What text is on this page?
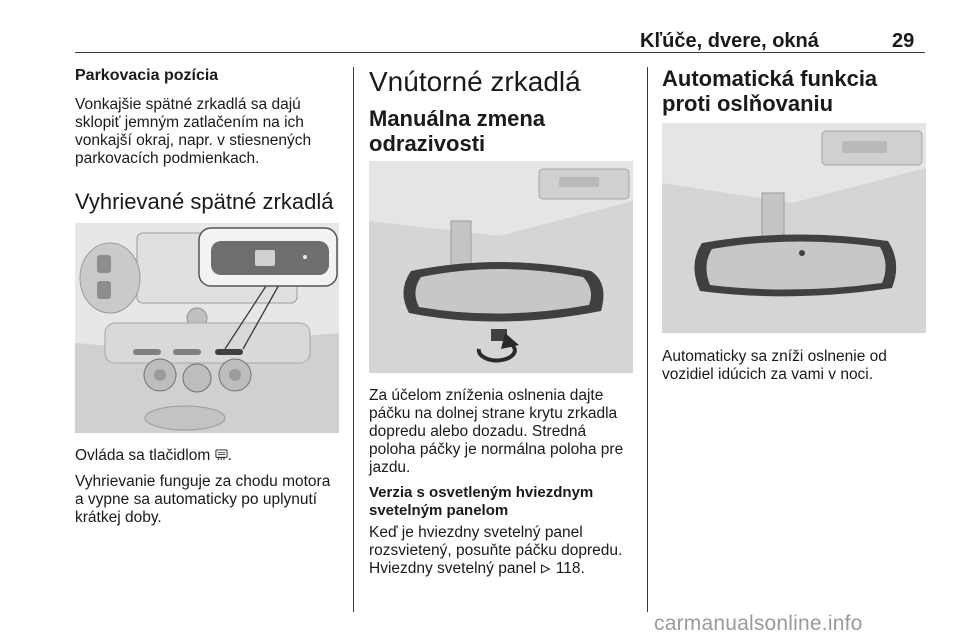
Kľúče, dvere, okná	29
Parkovacia pozícia
Vonkajšie spätné zrkadlá sa dajú sklopiť jemným zatlačením na ich vonkajší okraj, napr. v stiesnených parkovacích podmienkach.
Vyhrievané spätné zrkadlá
Ovláda sa tlačidlom .
Vyhrievanie funguje za chodu motora a vypne sa automaticky po uplynutí krátkej doby.
Vnútorné zrkadlá
Manuálna zmena odrazivosti
Za účelom zníženia oslnenia dajte páčku na dolnej strane krytu zrkadla dopredu alebo dozadu. Stredná poloha páčky je normálna poloha pre jazdu.
Verzia s osvetleným hviezdnym svetelným panelom
Keď je hviezdny svetelný panel rozsvietený, posuňte páčku dopredu. Hviezdny svetelný panel 118.
Automatická funkcia proti oslňovaniu
Automaticky sa zníži oslnenie od vozidiel idúcich za vami v noci.
carmanualsonline.info
